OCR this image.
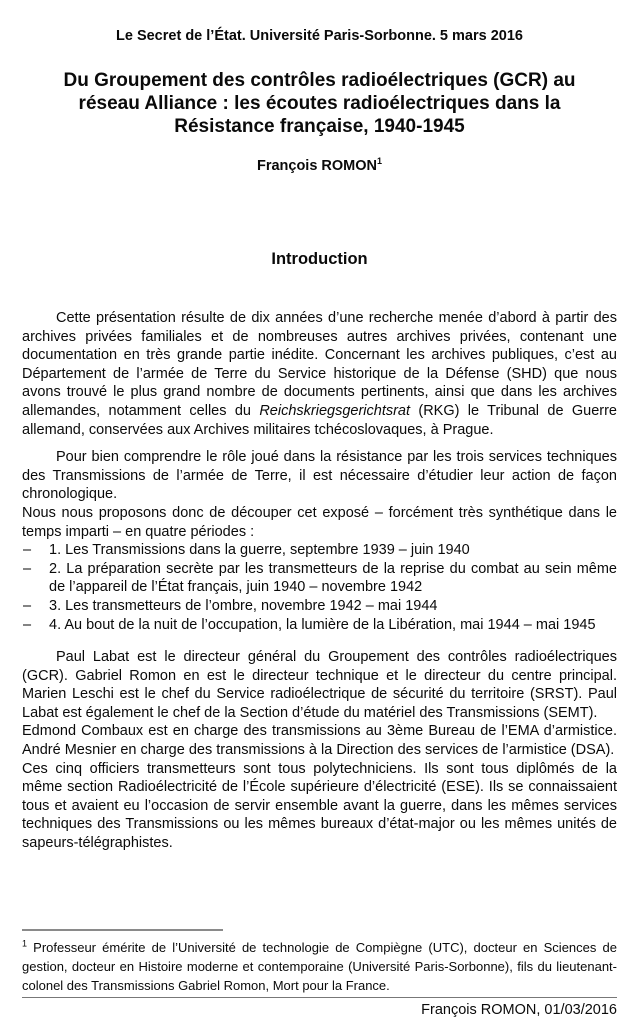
Le Secret de l’État. Université Paris-Sorbonne. 5 mars 2016
Du Groupement des contrôles radioélectriques (GCR) au réseau Alliance : les écoutes radioélectriques dans la Résistance française, 1940-1945
François ROMON$^1$
Introduction

Cette présentation résulte de dix années d’une recherche menée d’abord à partir des archives privées familiales et de nombreuses autres archives privées, contenant une documentation en très grande partie inédite. Concernant les archives publiques, c’est au Département de l’armée de Terre du Service historique de la Défense (SHD) que nous avons trouvé le plus grand nombre de documents pertinents, ainsi que dans les archives allemandes, notamment celles du Reichskriegsgerichtsrat (RKG) le Tribunal de Guerre allemand, conservées aux Archives militaires tchécoslovaques, à Prague.

Pour bien comprendre le rôle joué dans la résistance par les trois services techniques des Transmissions de l’armée de Terre, il est nécessaire d’étudier leur action de façon chronologique.

Nous nous proposons donc de découper cet exposé – forcément très synthétique dans le temps imparti – en quatre périodes :

– 1. Les Transmissions dans la guerre, septembre 1939 – juin 1940
– 2. La préparation secrète par les transmetteurs de la reprise du combat au sein même de l’appareil de l’État français, juin 1940 – novembre 1942
– 3. Les transmetteurs de l’ombre, novembre 1942 – mai 1944
– 4. Au bout de la nuit de l’occupation, la lumière de la Libération, mai 1944 – mai 1945

Paul Labat est le directeur général du Groupement des contrôles radioélectriques (GCR). Gabriel Romon en est le directeur technique et le directeur du centre principal. Marien Leschi est le chef du Service radioélectrique de sécurité du territoire (SRST). Paul Labat est également le chef de la Section d’étude du matériel des Transmissions (SEMT).

Edmond Combaux est en charge des transmissions au 3ème Bureau de l’EMA d’armistice. André Mesnier en charge des transmissions à la Direction des services de l’armistice (DSA).

Ces cinq officiers transmetteurs sont tous polytechniciens. Ils sont tous diplômés de la même section Radioélectricité de l’École supérieure d’électricité (ESE). Ils se connaissaient tous et avaient eu l’occasion de servir ensemble avant la guerre, dans les mêmes services techniques des Transmissions ou les mêmes bureaux d’état-major ou les mêmes unités de sapeurs-télégraphistes.

$^1$ Professeur émérite de l’Université de technologie de Compiègne (UTC), docteur en Sciences de gestion, docteur en Histoire moderne et contemporaine (Université Paris-Sorbonne), fils du lieutenant-colonel des Transmissions Gabriel Romon, Mort pour la France.

François ROMON, 01/03/2016
